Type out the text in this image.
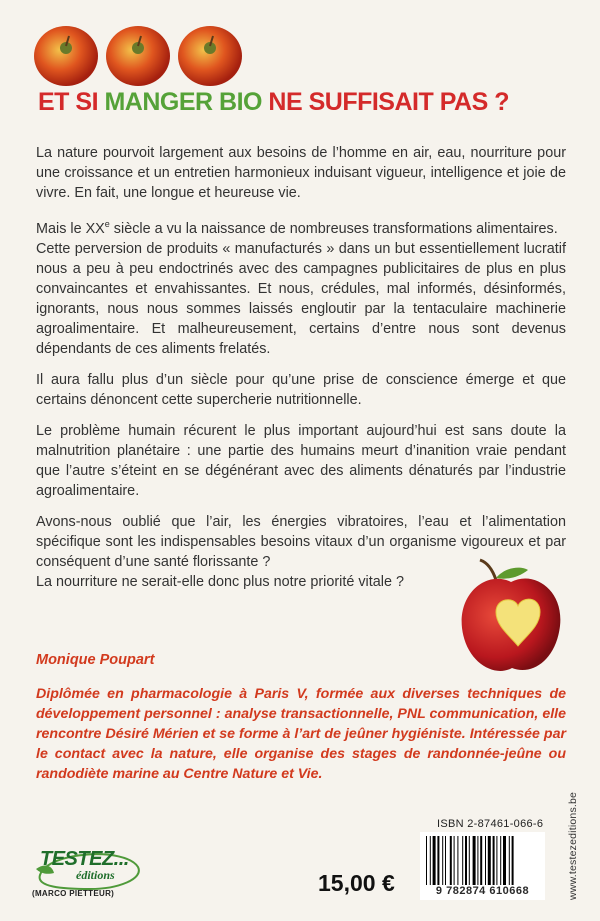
ET SI MANGER BIO NE SUFFISAIT PAS ?

La nature pourvoit largement aux besoins de l’homme en air, eau, nourriture pour une croissance et un entretien harmonieux induisant vigueur, intelligence et joie de vivre. En fait, une longue et heureuse vie.

Mais le XXe siècle a vu la naissance de nombreuses transformations alimentaires.

Cette perversion de produits « manufacturés » dans un but essentiellement lucratif nous a peu à peu endoctrinés avec des campagnes publicitaires de plus en plus convaincantes et envahissantes. Et nous, crédules, mal informés, désinformés, ignorants, nous nous sommes laissés engloutir par la tentaculaire machinerie agroalimentaire. Et malheureusement, certains d’entre nous sont devenus dépendants de ces aliments frelatés.

Il aura fallu plus d’un siècle pour qu’une prise de conscience émerge et que certains dénoncent cette supercherie nutritionnelle.

Le problème humain récurent le plus important aujourd’hui est sans doute la malnutrition planétaire : une partie des humains meurt d’inanition vraie pendant que l’autre s’éteint en se dégénérant avec des aliments dénaturés par l’industrie agroalimentaire.

Avons-nous oublié que l’air, les énergies vibratoires, l’eau et l’alimentation spécifique sont les indispensables besoins vitaux d’un organisme vigoureux et par conséquent d’une santé florissante ?

La nourriture ne serait-elle donc plus notre priorité vitale ?

Monique Poupart
Diplômée en pharmacologie à Paris V, formée aux diverses techniques de développement personnel : analyse transactionnelle, PNL communication, elle rencontre Désiré Mérien et se forme à l’art de jeûner hygiéniste. Intéressée par le contact avec la nature, elle organise des stages de randonnée-jeûne ou randodiète marine au Centre Nature et Vie.
www.testezeditions.be
ISBN 2-87461-066-6
9 782874 610668
15,00 €
TESTEZ...
éditions
(MARCO PIETTEUR)
